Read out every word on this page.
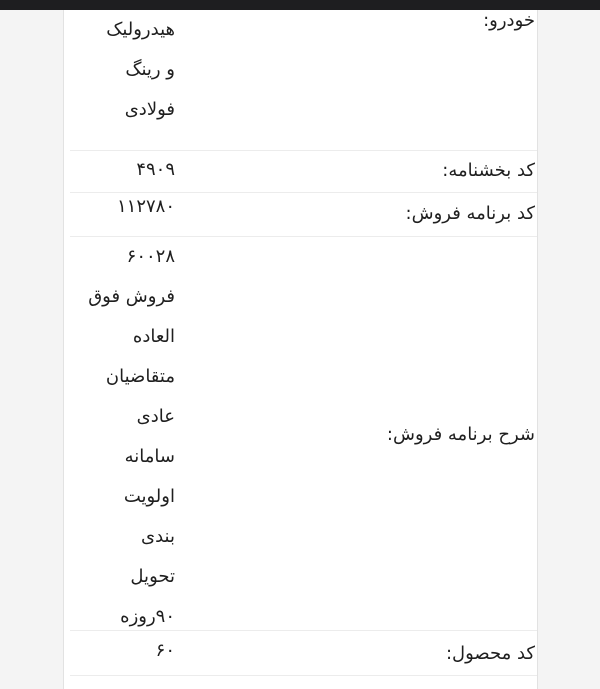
خودرو:
هیدرولیک
و رینگ
فولادی
کد بخشنامه:
۴۹۰۹
کد برنامه فروش:
۱۱۲۷۸۰
شرح برنامه فروش:
۶۰۰۲۸
فروش فوق
العاده
متقاضیان
عادی
سامانه
اولویت
بندی
تحویل
۹۰روزه
کد محصول:
۶۰
